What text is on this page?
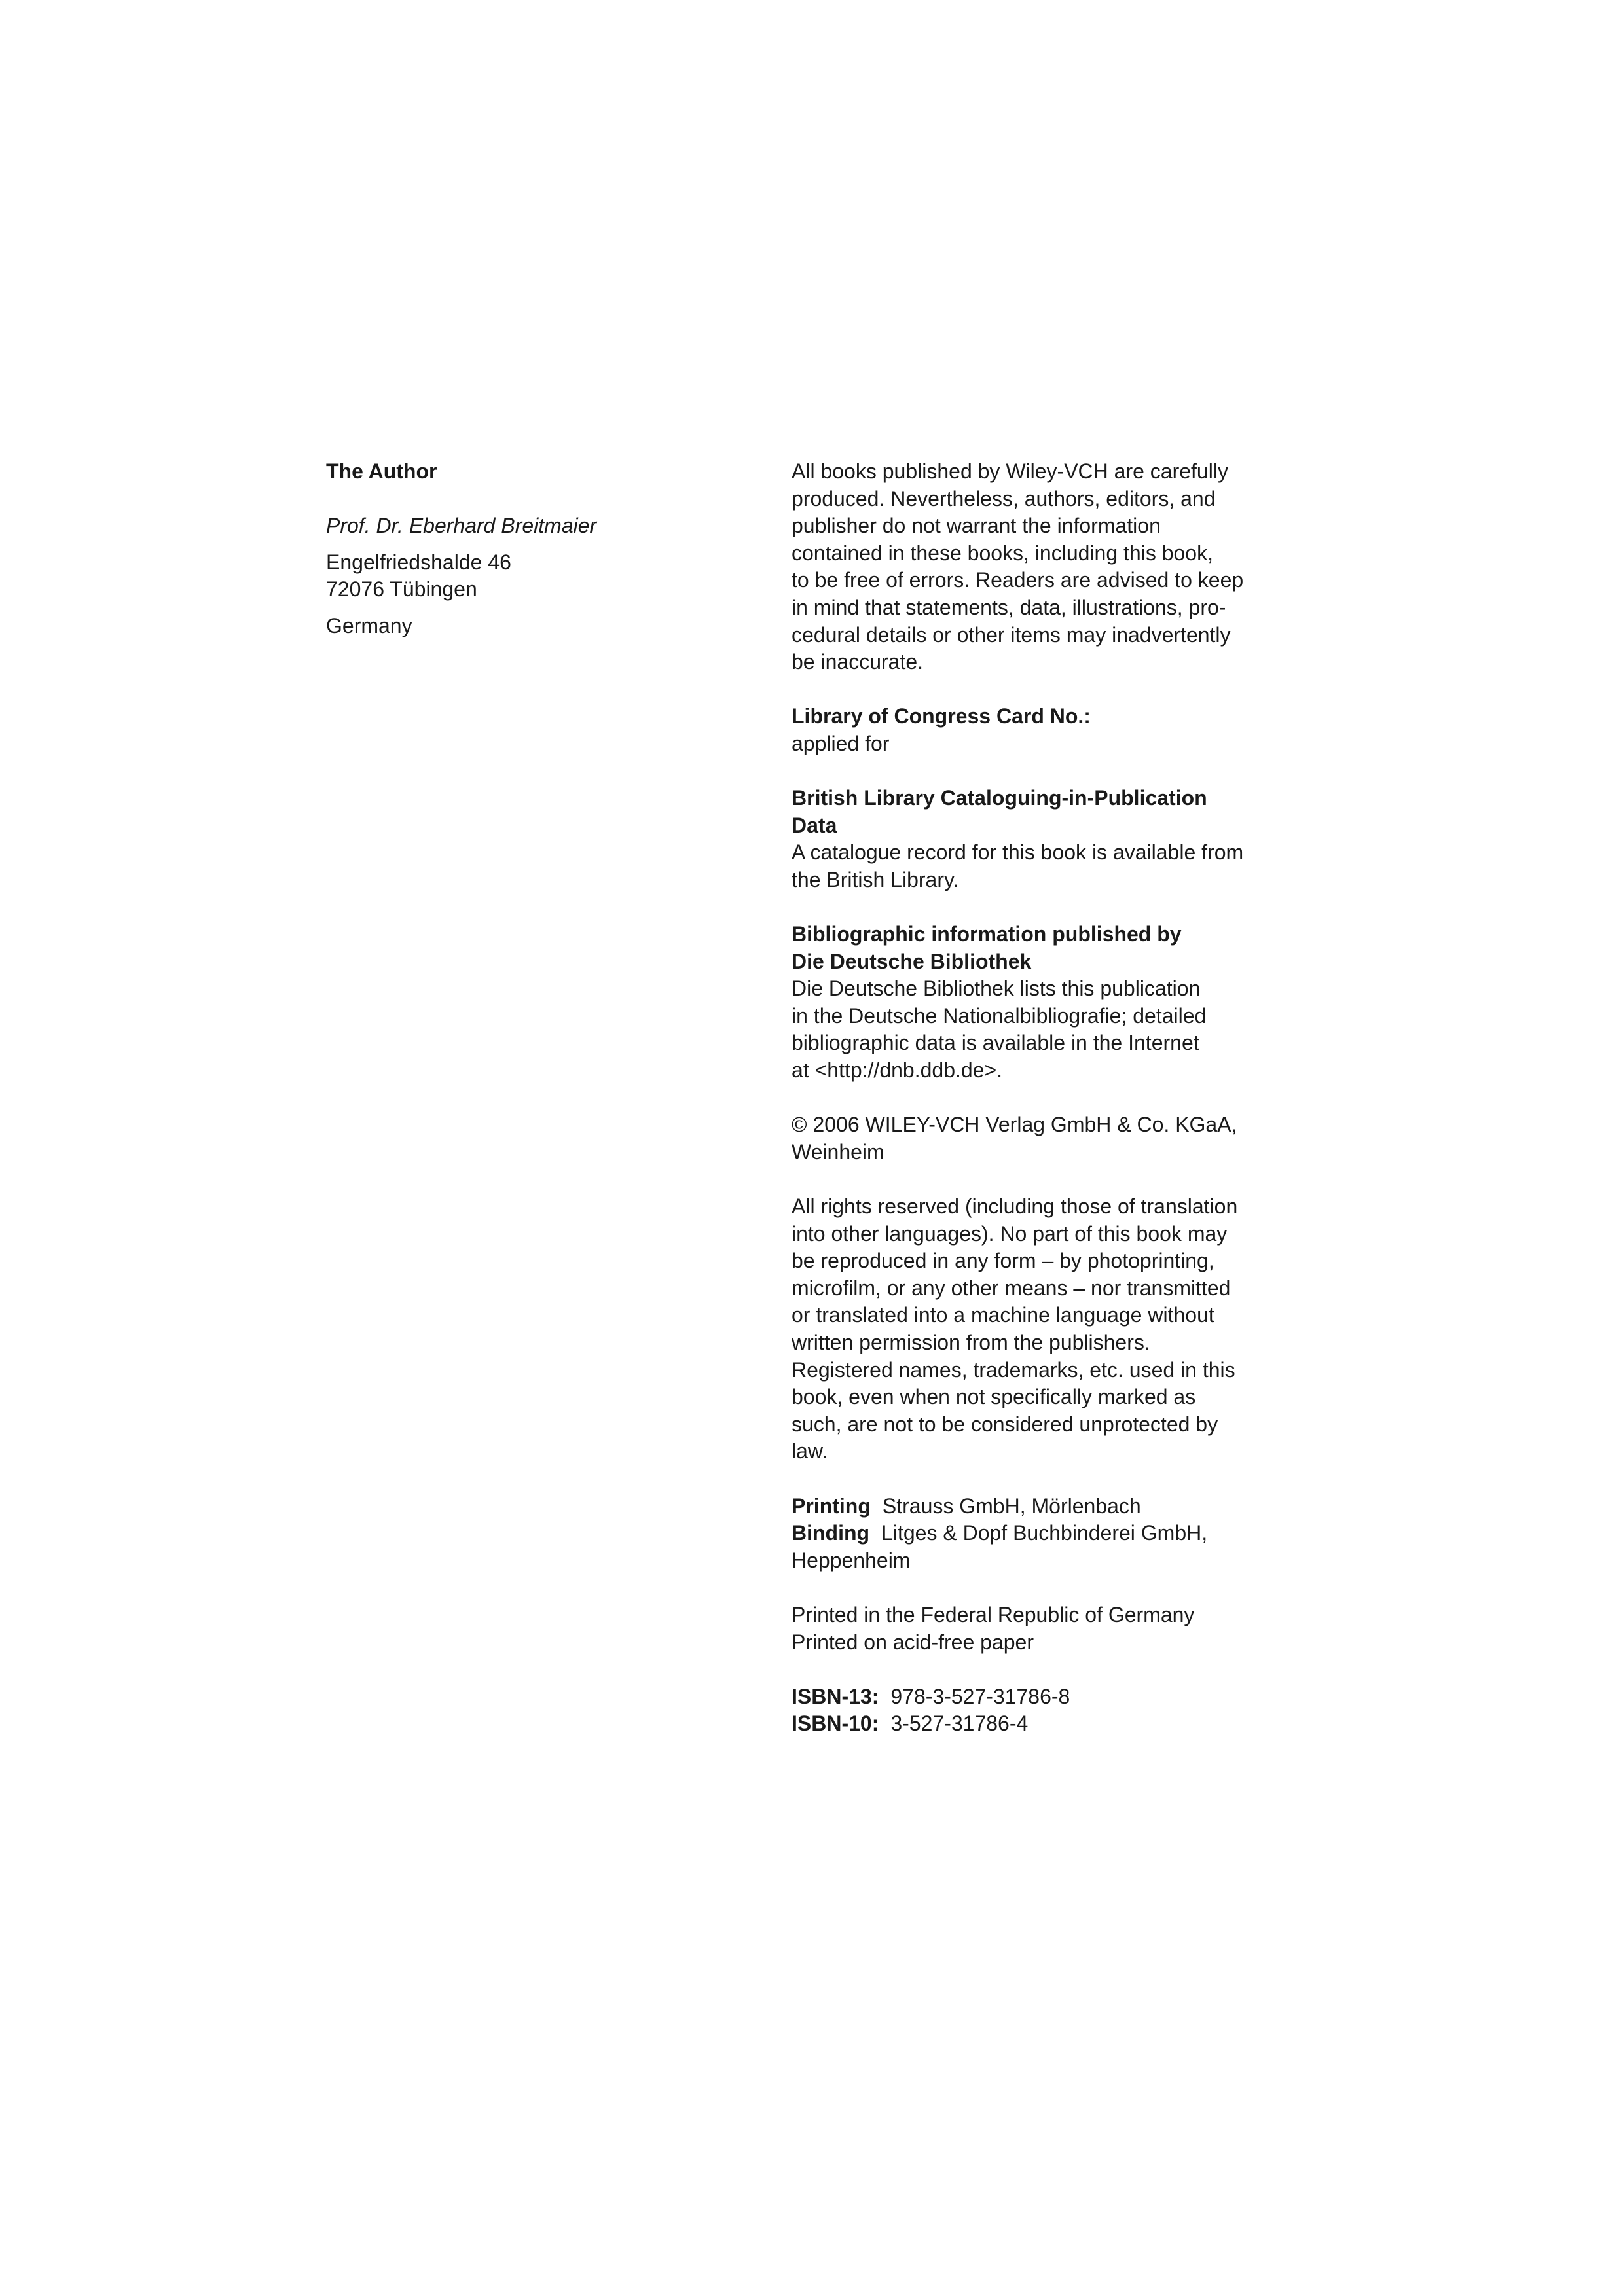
The Author
Prof. Dr. Eberhard Breitmaier
Engelfriedshalde 46
72076 Tübingen
Germany
All books published by Wiley-VCH are carefully
produced. Nevertheless, authors, editors, and
publisher do not warrant the information
contained in these books, including this book,
to be free of errors. Readers are advised to keep
in mind that statements, data, illustrations, pro-
cedural details or other items may inadvertently
be inaccurate.
Library of Congress Card No.:
applied for
British Library Cataloguing-in-Publication
Data
A catalogue record for this book is available from
the British Library.
Bibliographic information published by
Die Deutsche Bibliothek
Die Deutsche Bibliothek lists this publication
in the Deutsche Nationalbibliografie; detailed
bibliographic data is available in the Internet
at <http://dnb.ddb.de>.
© 2006 WILEY-VCH Verlag GmbH & Co. KGaA,
Weinheim
All rights reserved (including those of translation
into other languages). No part of this book may
be reproduced in any form – by photoprinting,
microfilm, or any other means – nor transmitted
or translated into a machine language without
written permission from the publishers.
Registered names, trademarks, etc. used in this
book, even when not specifically marked as
such, are not to be considered unprotected by
law.
Printing Strauss GmbH, Mörlenbach
Binding Litges & Dopf Buchbinderei GmbH,
Heppenheim
Printed in the Federal Republic of Germany
Printed on acid-free paper
ISBN-13: 978-3-527-31786-8
ISBN-10: 3-527-31786-4
